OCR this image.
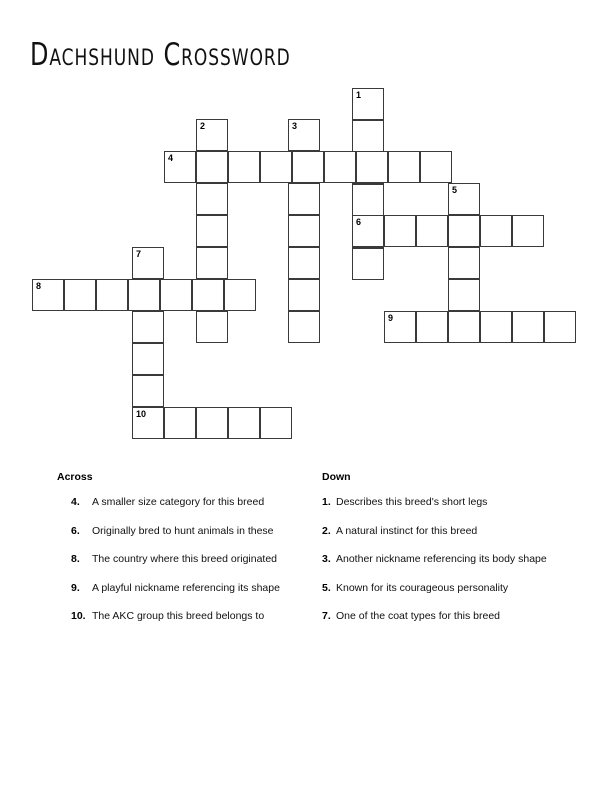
Dachshund Crossword
1
2	3
4
5
6
7
10
8
9
Across
4.	A smaller size category for this breed
6.	Originally bred to hunt animals in these
8.	The country where this breed originated
9.	A playful nickname referencing its shape
10. The AKC group this breed belongs to
Down
1. Describes this breed's short legs
2. A natural instinct for this breed
3. Another nickname referencing its body shape
5. Known for its courageous personality
7. One of the coat types for this breed
